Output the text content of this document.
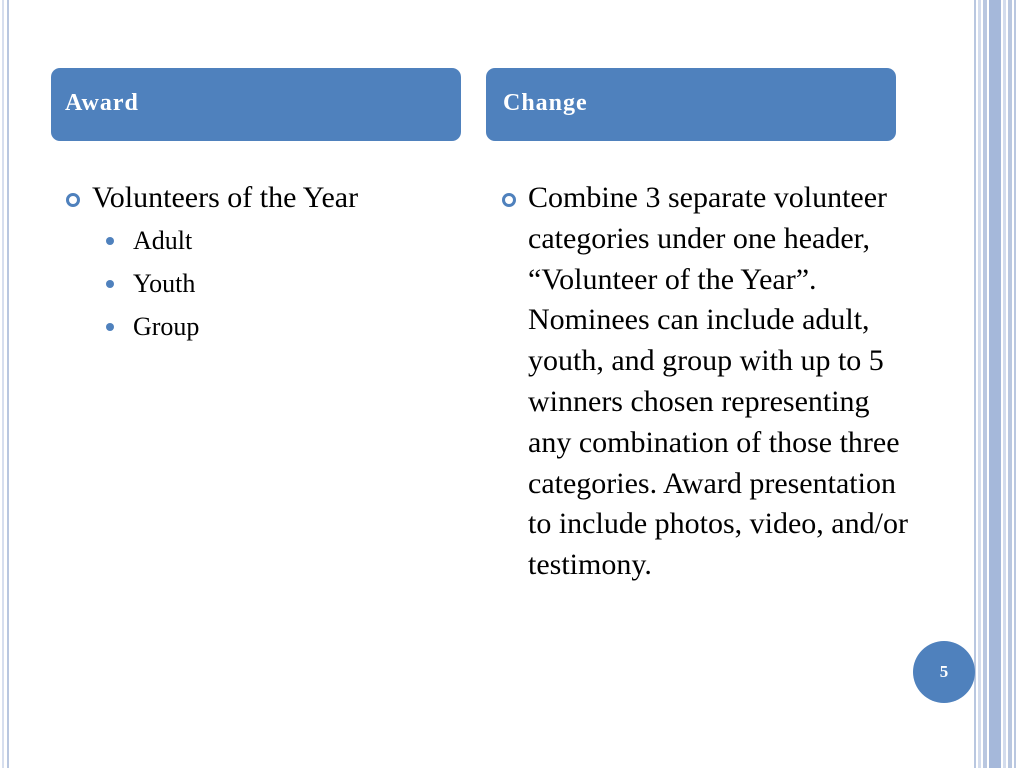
Award	Change
Volunteers of the Year
Adult
Youth
Group
Combine 3 separate volunteer categories under one header, “Volunteer of the Year”. Nominees can include adult, youth, and group with up to 5 winners chosen representing any combination of those three categories. Award presentation to include photos, video, and/or testimony.
5
